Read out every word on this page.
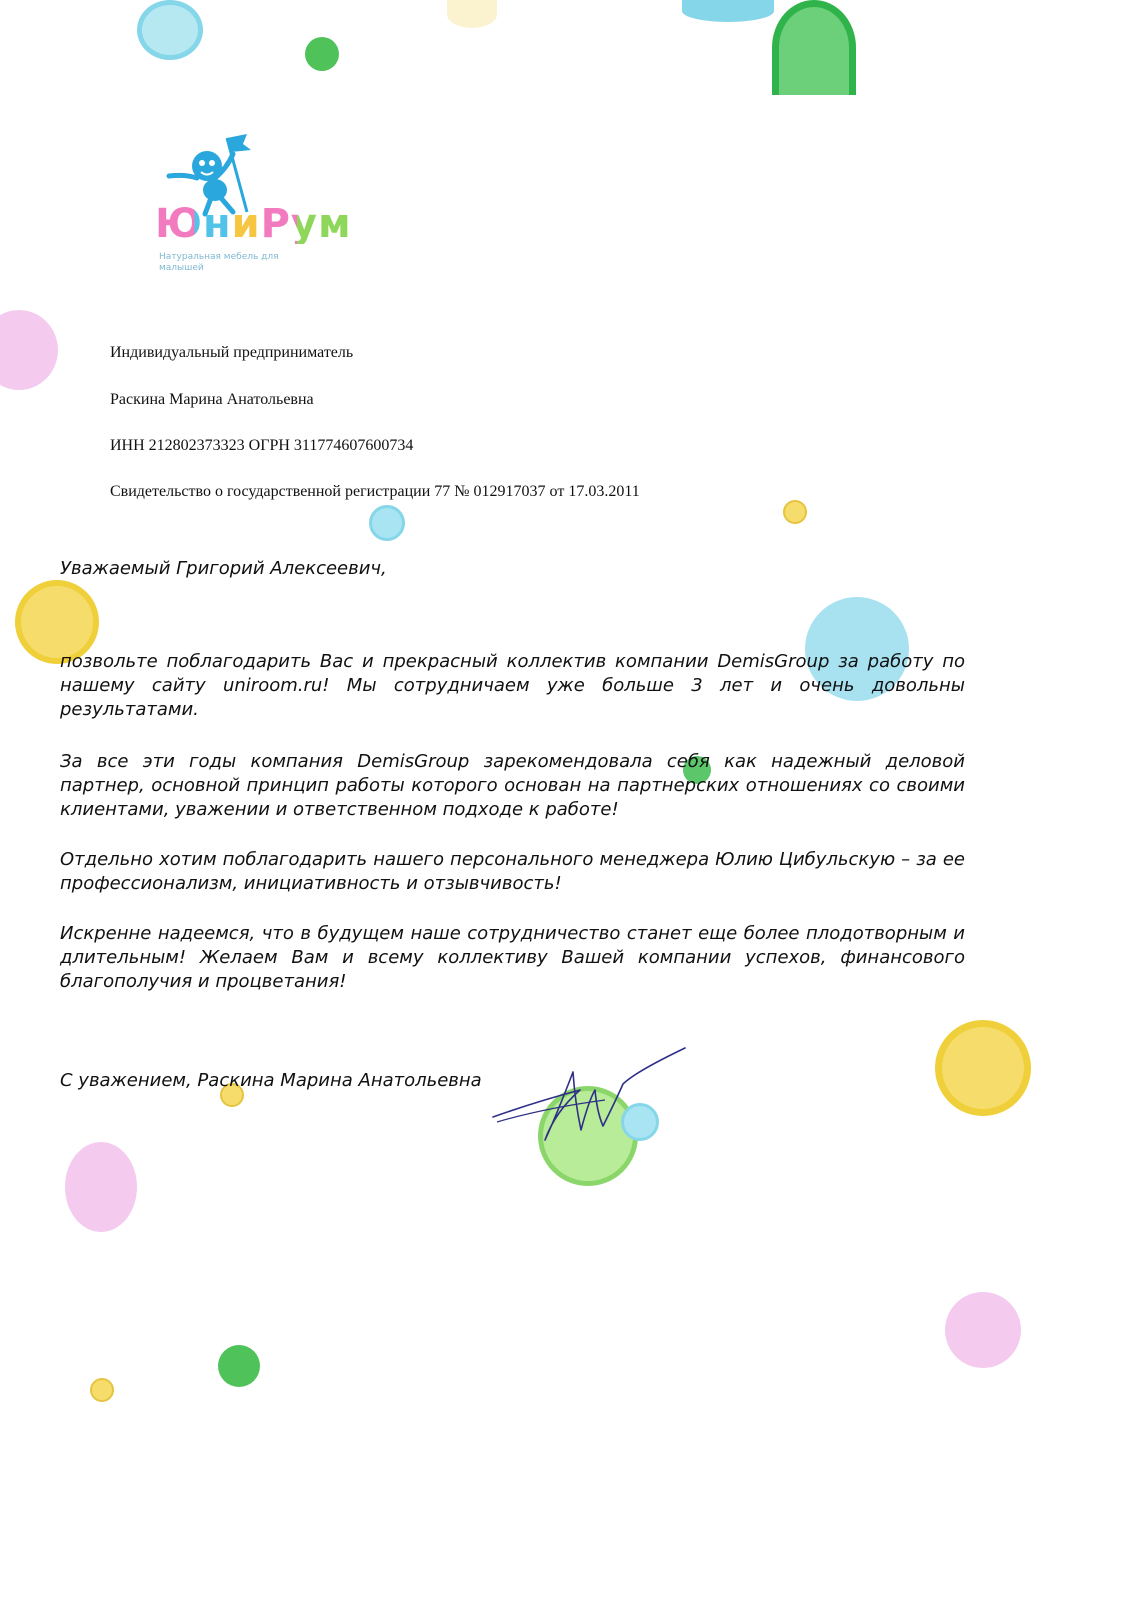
ЮниРум
Натуральная мебель для малышей
Индивидуальный предприниматель
Раскина Марина Анатольевна
ИНН 212802373323 ОГРН 311774607600734
Свидетельство о государственной регистрации 77 № 012917037 от 17.03.2011
Уважаемый Григорий Алексеевич,

позвольте поблагодарить Вас и прекрасный коллектив компании DemisGroup за работу по нашему сайту uniroom.ru! Мы сотрудничаем уже больше 3 лет и очень довольны результатами.

За все эти годы компания DemisGroup зарекомендовала себя как надежный деловой партнер, основной принцип работы которого основан на партнерских отношениях со своими клиентами, уважении и ответственном подходе к работе!

Отдельно хотим поблагодарить нашего персонального менеджера Юлию Цибульскую – за ее профессионализм, инициативность и отзывчивость!

Искренне надеемся, что в будущем наше сотрудничество станет еще более плодотворным и длительным! Желаем Вам и всему коллективу Вашей компании успехов, финансового благополучия и процветания!

С уважением, Раскина Марина Анатольевна
